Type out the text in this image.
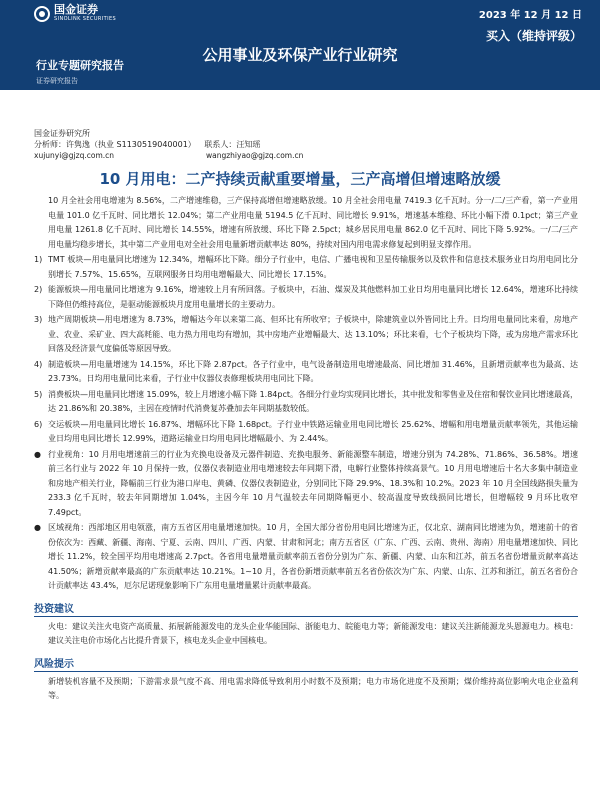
国金证券
SINOLINK SECURITIES	2023 年 12 月 12 日
买入（维持评级）
公用事业及环保产业行业研究
行业专题研究报告
证券研究报告
国金证券研究所
分析师：许隽逸（执业 S1130519040001） 联系人：汪知瑶
xujunyi@gjzq.com.cn	wangzhiyao@gjzq.com.cn
10 月用电：二产持续贡献重要增量，三产高增但增速略放缓
10 月全社会用电增速为 8.56%，二产增速维稳，三产保持高增但增速略放缓。10 月全社会用电量 7419.3 亿千瓦时。分一/二/三产看，第一产业用电量 101.0 亿千瓦时、同比增长 12.04%；第二产业用电量 5194.5 亿千瓦时、同比增长 9.91%，增速基本维稳、环比小幅下滑 0.1pct；第三产业用电量 1261.8 亿千瓦时、同比增长 14.55%，增速有所放缓、环比下降 2.5pct；城乡居民用电量 862.0 亿千瓦时、同比下降 5.92%。一/二/三产用电量均稳步增长，其中第二产业用电对全社会用电量新增贡献率达 80%，持续对国内用电需求修复起到明显支撑作用。
1) TMT 板块—用电量同比增速为 12.34%，增幅环比下降。细分子行业中，电信、广播电视和卫星传输服务以及软件和信息技术服务业日均用电同比分别增长 7.57%、15.65%，互联网服务日均用电增幅最大、同比增长 17.15%。
2) 能源板块—用电量同比增速为 9.16%，增速较上月有所回落。子板块中，石油、煤炭及其他燃料加工业日均用电量同比增长 12.64%，增速环比持续下降但仍维持高位，是驱动能源板块月度用电量增长的主要动力。
3) 地产周期板块—用电增速为 8.73%，增幅达今年以来第二高、但环比有所收窄；子板块中，除建筑业以外皆同比上升。日均用电量同比来看，房地产业、农业、采矿业、四大高耗能、电力热力用电均有增加，其中房地产业增幅最大、达 13.10%；环比来看，七个子板块均下降，或为房地产需求环比回落及经济景气度偏低等原因导致。
4) 制造板块—用电量增速为 14.15%，环比下降 2.87pct。各子行业中，电气设备制造用电增速最高、同比增加 31.46%，且新增贡献率也为最高、达 23.73%。日均用电量同比来看，子行业中仪器仪表修理板块用电同比下降。
5) 消费板块—用电量同比增速 15.09%，较上月增速小幅下降 1.84pct。各细分行业均实现同比增长，其中批发和零售业及住宿和餐饮业同比增速最高，达 21.86%和 20.38%，主因在疫情时代消费复苏叠加去年同期基数较低。
6) 交运板块—用电量同比增长 16.87%、增幅环比下降 1.68pct。子行业中铁路运输业用电同比增长 25.62%、增幅和用电增量贡献率领先，其他运输业日均用电同比增长 12.99%，道路运输业日均用电同比增幅最小、为 2.44%。
● 行业视角：10 月用电增速前三的行业为充换电设备及元器件制造、充换电服务、新能源整车制造，增速分别为 74.28%、71.86%、36.58%。增速前三名行业与 2022 年 10 月保持一致，仪器仪表制造业用电增速较去年同期下滑，电解行业整体持续高景气。10 月用电增速后十名大多集中制造业和房地产相关行业，降幅前三行业为港口岸电、黄磷、仪器仪表制造业，分别同比下降 29.9%、18.3%和 10.2%。2023 年 10 月全国线路损失量为 233.3 亿千瓦时，较去年同期增加 1.04%，主因今年 10 月气温较去年同期降幅更小、较高温度导致线损同比增长，但增幅较 9 月环比收窄 7.49pct。
● 区域视角：西部地区用电领涨，南方五省区用电量增速加快。10 月，全国大部分省份用电同比增速为正，仅北京、湖南同比增速为负，增速前十的省份依次为：西藏、新疆、海南、宁夏、云南、四川、广西、内蒙、甘肃和河北；南方五省区（广东、广西、云南、贵州、海南）用电量增速加快、同比增长 11.2%，较全国平均用电增速高 2.7pct。各省用电量增量贡献率前五省份分别为广东、新疆、内蒙、山东和江苏，前五名省份增量贡献率高达 41.50%；新增贡献率最高的广东贡献率达 10.21%。1~10 月，各省份新增贡献率前五名省份依次为广东、内蒙、山东、江苏和浙江，前五名省份合计贡献率达 43.4%，厄尔尼诺现象影响下广东用电量增量累计贡献率最高。
投资建议
火电：建议关注火电资产高质量、拓展新能源发电的龙头企业华能国际、浙能电力、皖能电力等；新能源发电：建议关注新能源龙头恩源电力。核电：建议关注电价市场化占比提升背景下，核电龙头企业中国核电。
风险提示
新增装机容量不及预期；下游需求景气度不高、用电需求降低导致利用小时数不及预期；电力市场化进度不及预期；煤价维持高位影响火电企业盈利等。
